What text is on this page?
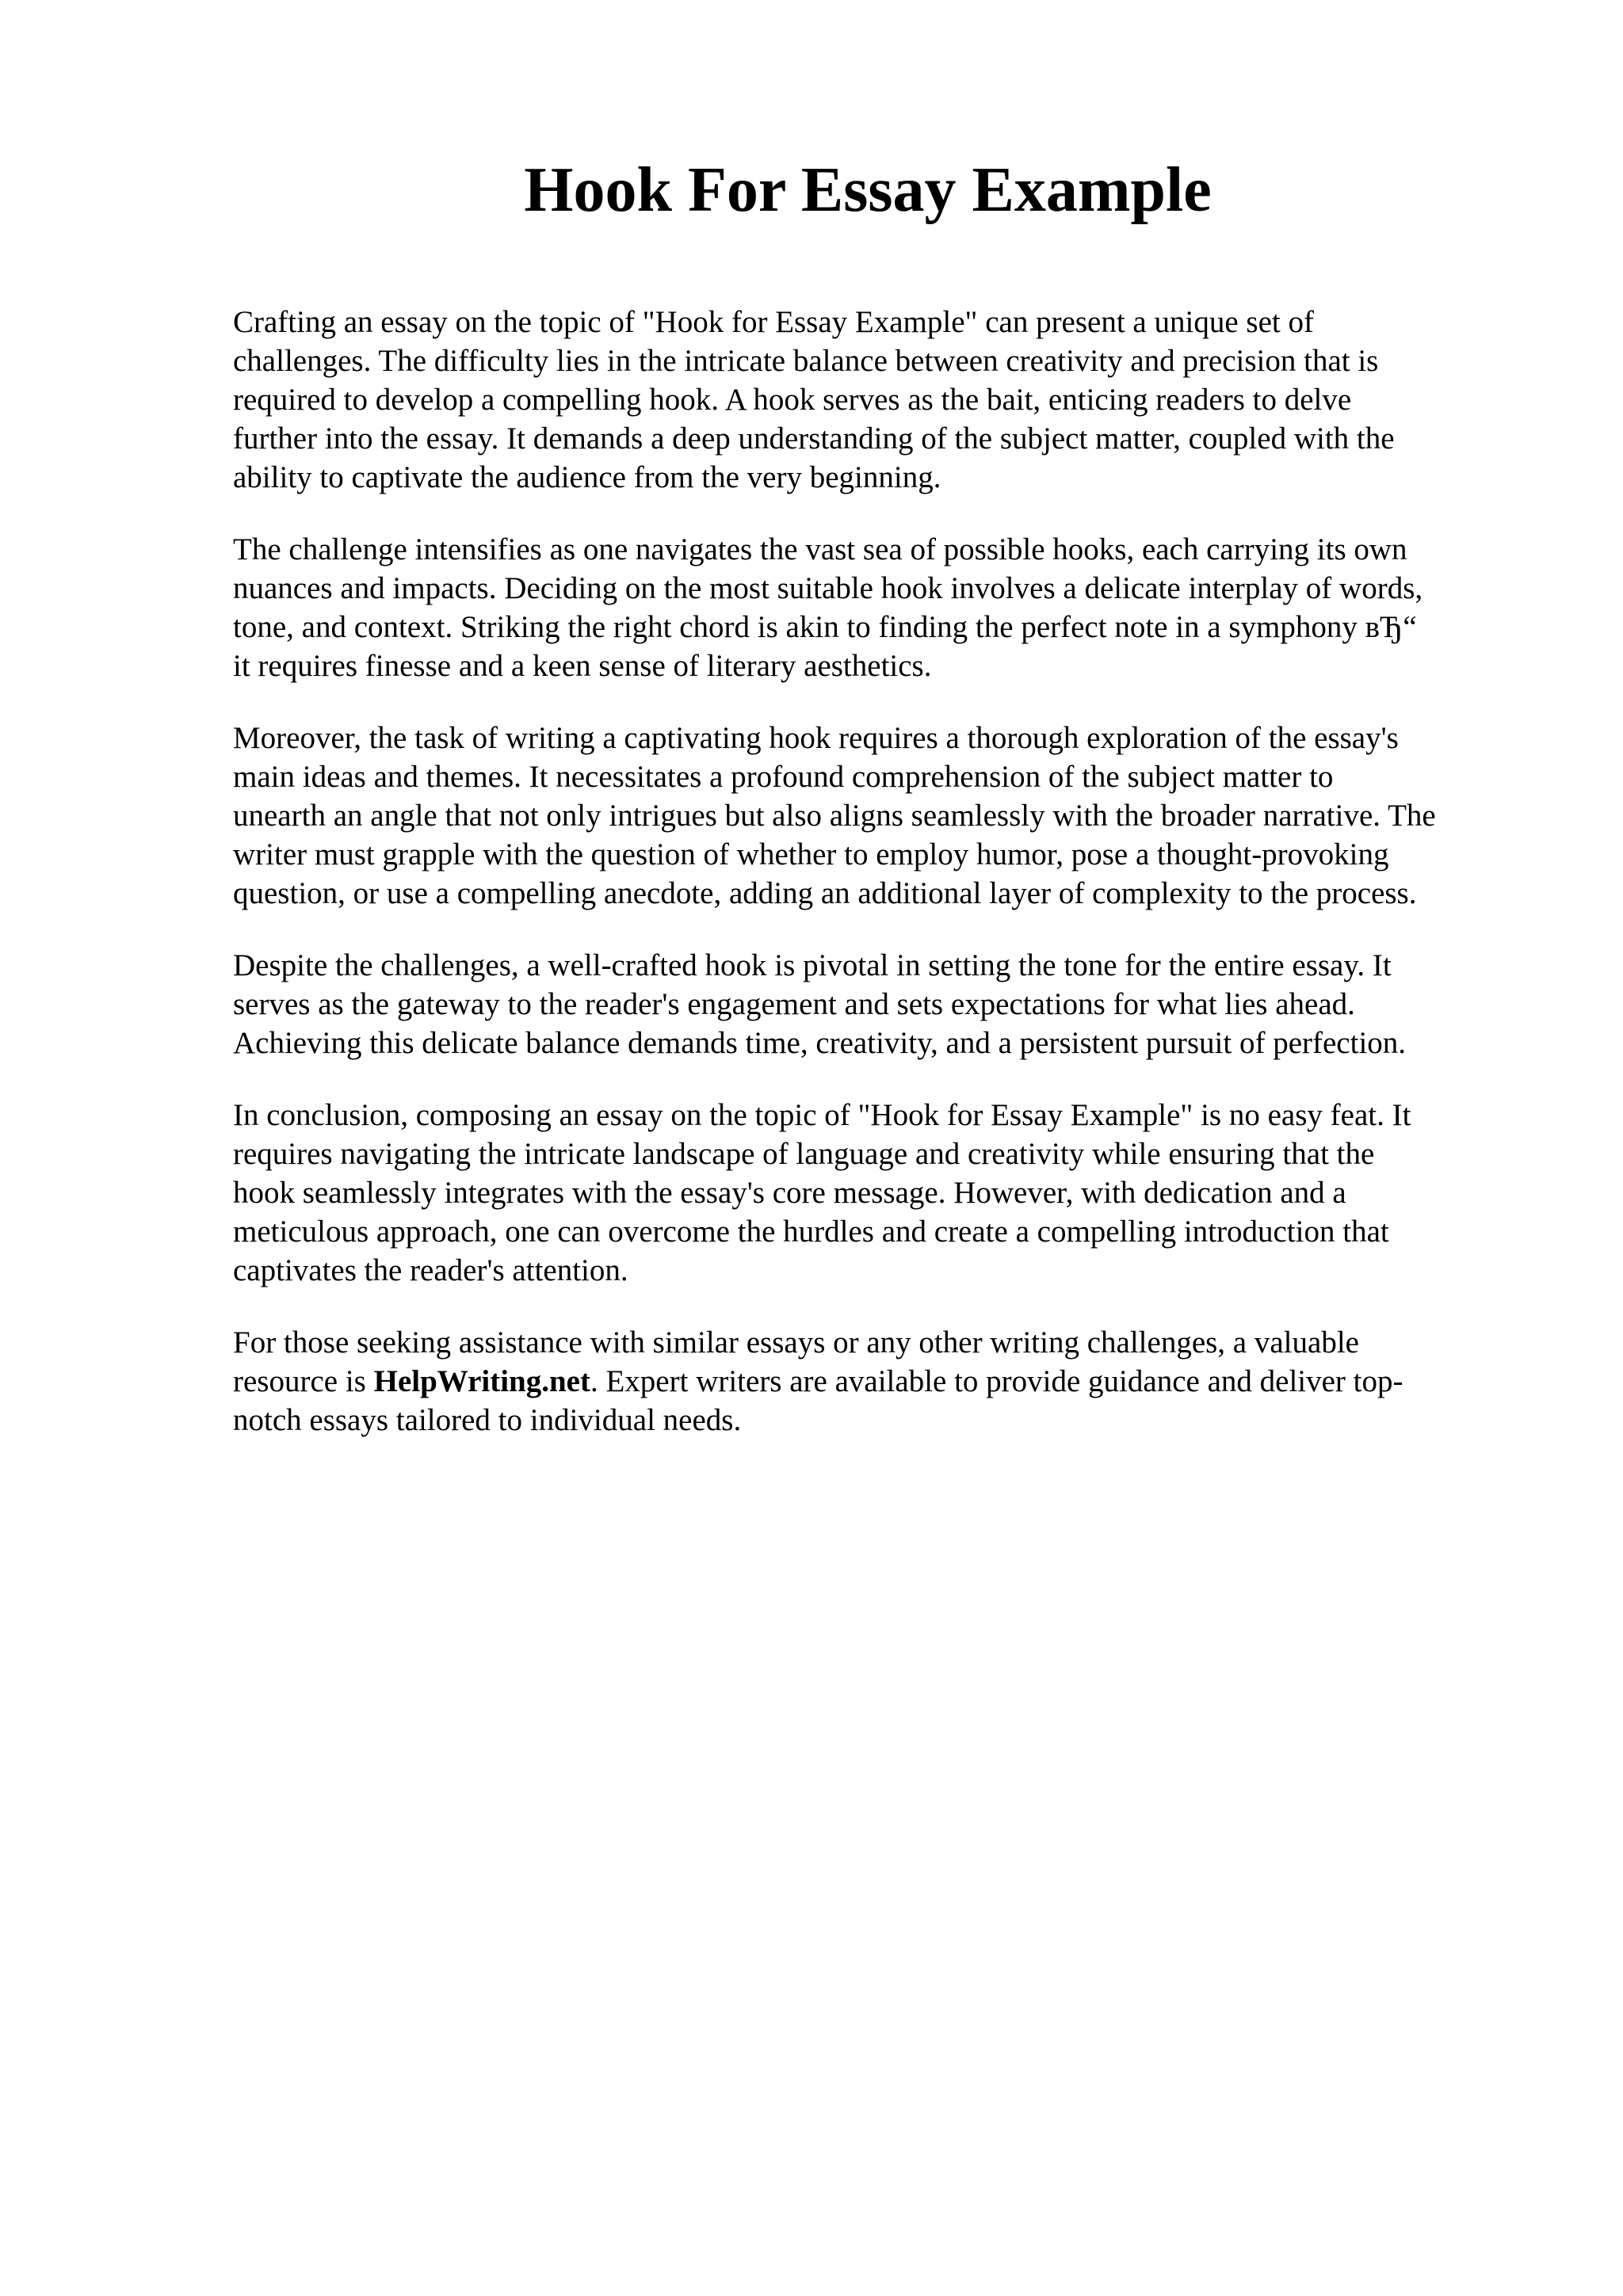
Hook For Essay Example

Crafting an essay on the topic of "Hook for Essay Example" can present a unique set of
challenges. The difficulty lies in the intricate balance between creativity and precision that is
required to develop a compelling hook. A hook serves as the bait, enticing readers to delve
further into the essay. It demands a deep understanding of the subject matter, coupled with the
ability to captivate the audience from the very beginning.

The challenge intensifies as one navigates the vast sea of possible hooks, each carrying its own
nuances and impacts. Deciding on the most suitable hook involves a delicate interplay of words,
tone, and context. Striking the right chord is akin to finding the perfect note in a symphony вЂ“
it requires finesse and a keen sense of literary aesthetics.

Moreover, the task of writing a captivating hook requires a thorough exploration of the essay's
main ideas and themes. It necessitates a profound comprehension of the subject matter to
unearth an angle that not only intrigues but also aligns seamlessly with the broader narrative. The
writer must grapple with the question of whether to employ humor, pose a thought-provoking
question, or use a compelling anecdote, adding an additional layer of complexity to the process.

Despite the challenges, a well-crafted hook is pivotal in setting the tone for the entire essay. It
serves as the gateway to the reader's engagement and sets expectations for what lies ahead.
Achieving this delicate balance demands time, creativity, and a persistent pursuit of perfection.

In conclusion, composing an essay on the topic of "Hook for Essay Example" is no easy feat. It
requires navigating the intricate landscape of language and creativity while ensuring that the
hook seamlessly integrates with the essay's core message. However, with dedication and a
meticulous approach, one can overcome the hurdles and create a compelling introduction that
captivates the reader's attention.

For those seeking assistance with similar essays or any other writing challenges, a valuable
resource is HelpWriting.net. Expert writers are available to provide guidance and deliver top-
notch essays tailored to individual needs.
